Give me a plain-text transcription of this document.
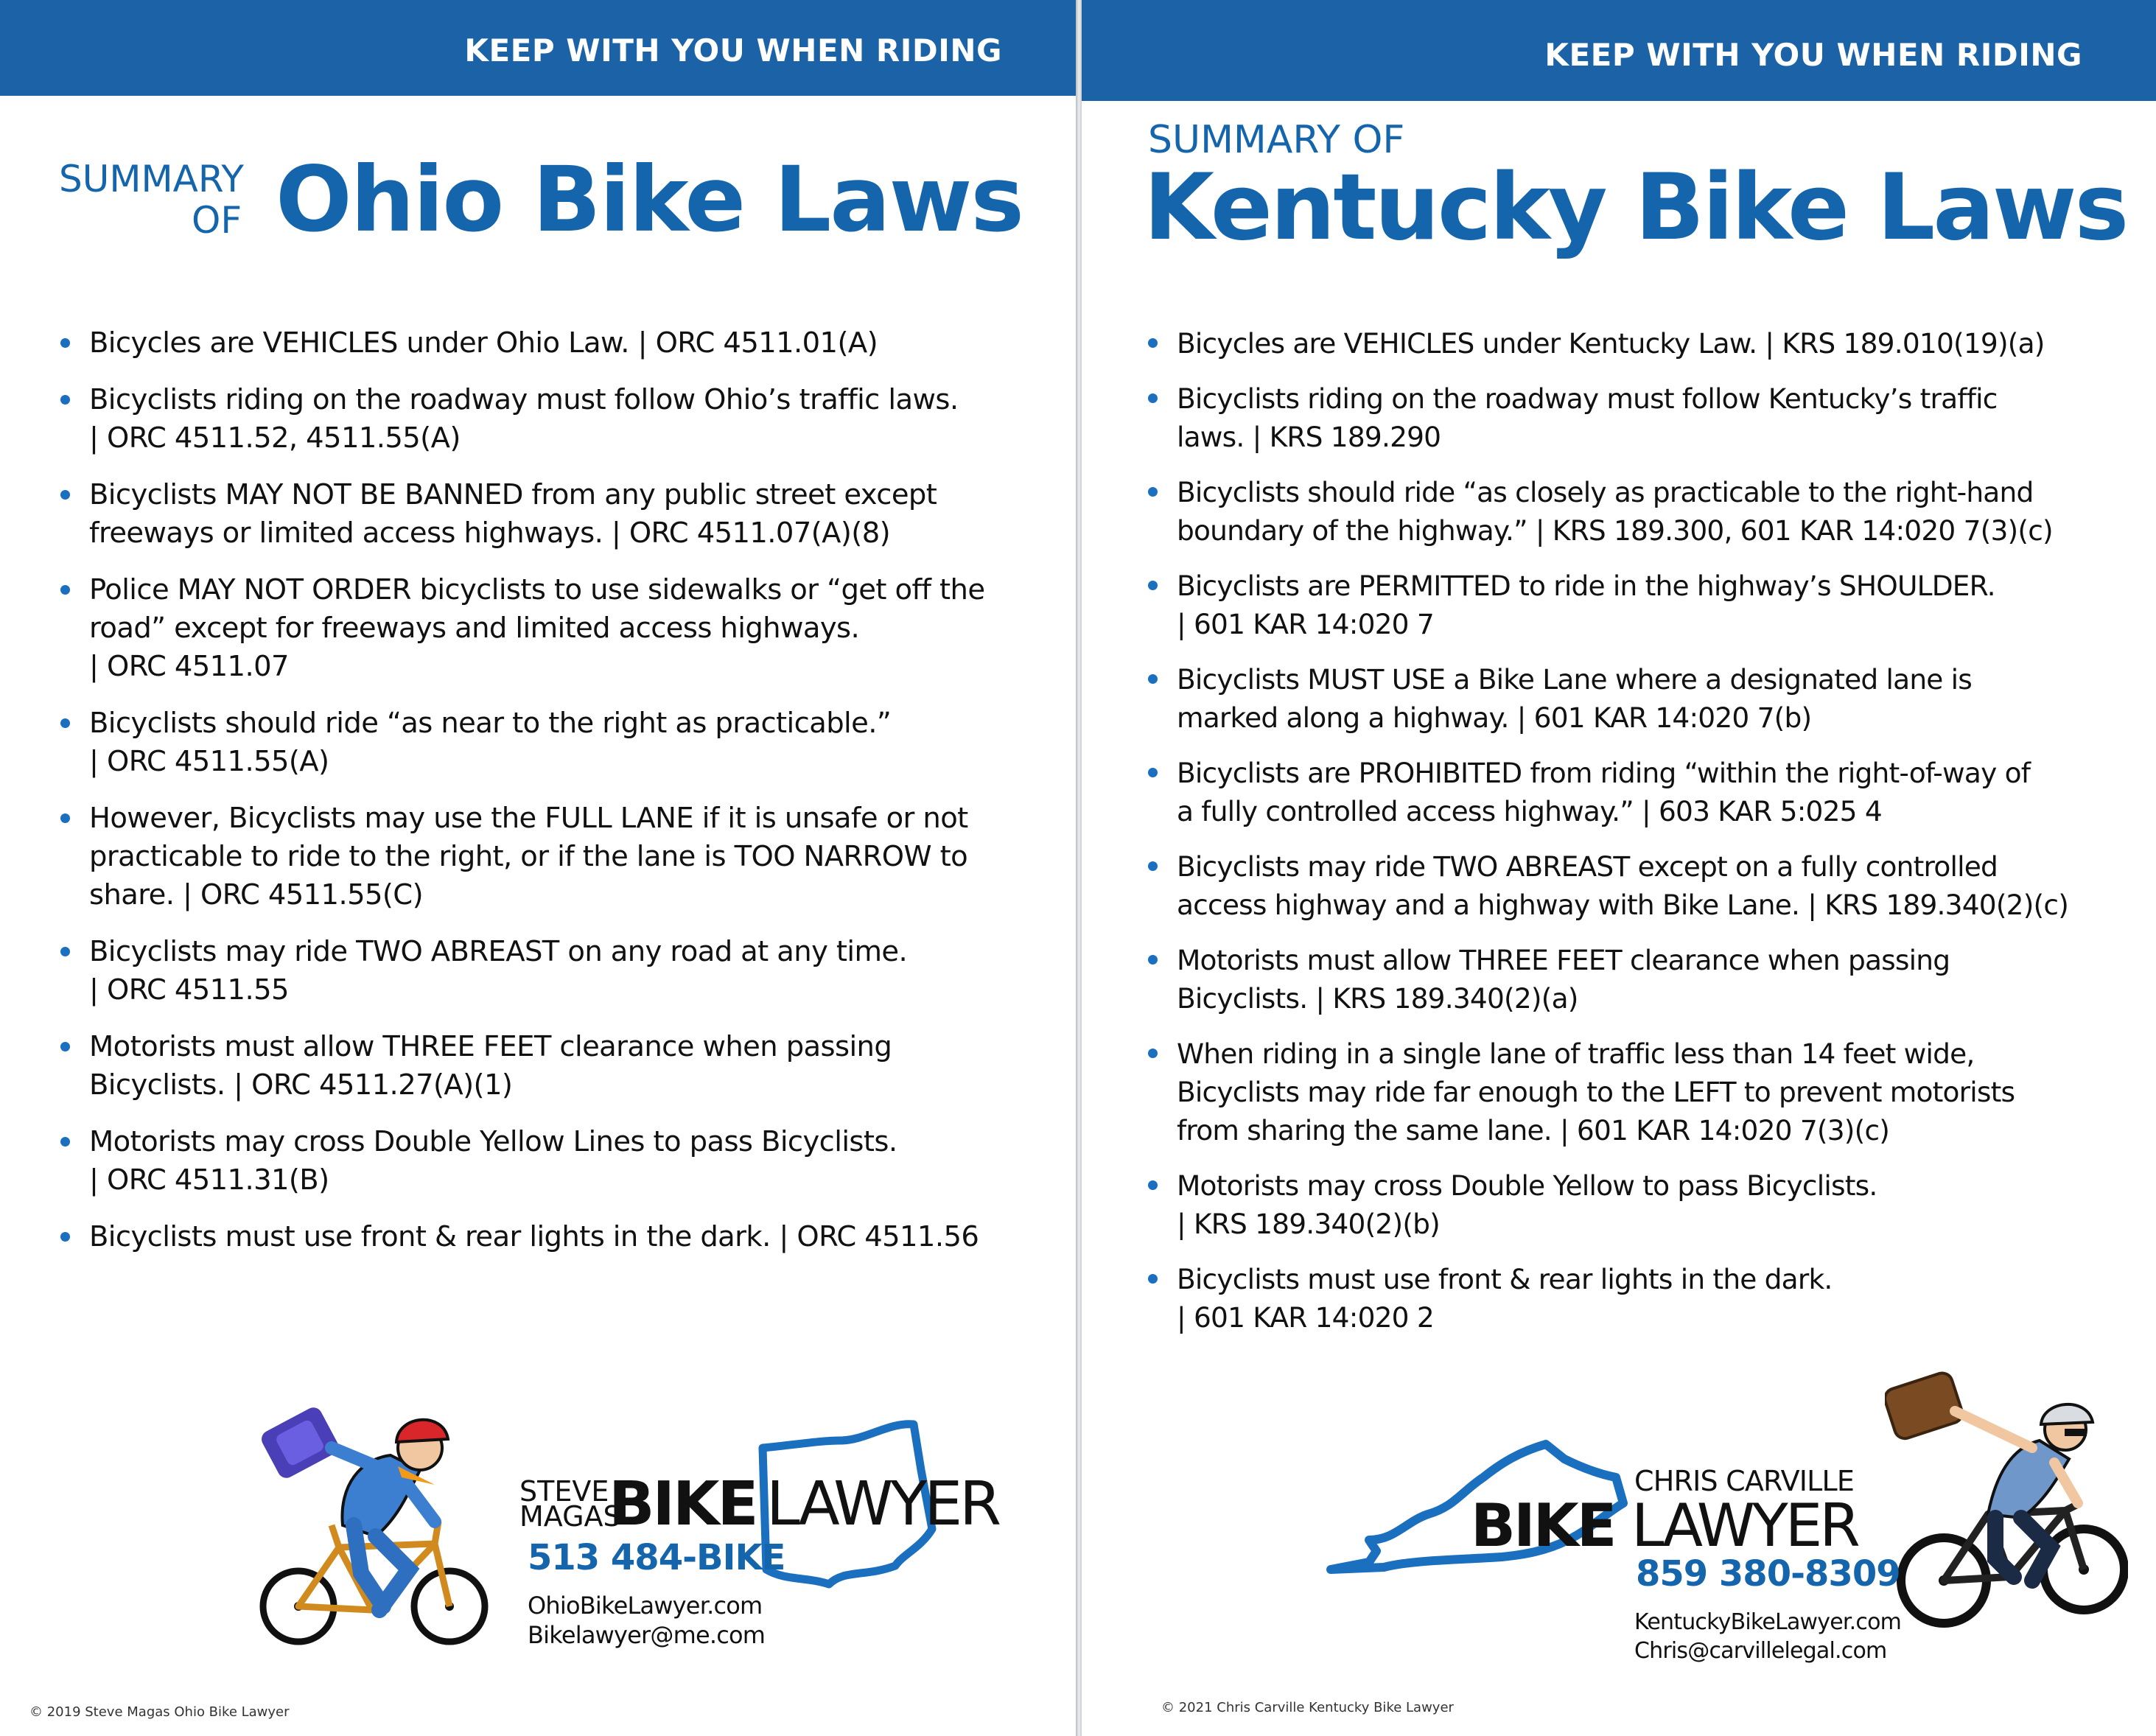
KEEP WITH YOU WHEN RIDING
SUMMARY
OF Ohio Bike Laws
Bicycles are VEHICLES under Ohio Law. | ORC 4511.01(A)
Bicyclists riding on the roadway must follow Ohio’s traffic laws.
| ORC 4511.52, 4511.55(A)
Bicyclists MAY NOT BE BANNED from any public street except
freeways or limited access highways. | ORC 4511.07(A)(8)
Police MAY NOT ORDER bicyclists to use sidewalks or “get off the
road” except for freeways and limited access highways.
| ORC 4511.07
Bicyclists should ride “as near to the right as practicable.”
| ORC 4511.55(A)
However, Bicyclists may use the FULL LANE if it is unsafe or not
practicable to ride to the right, or if the lane is TOO NARROW to
share. | ORC 4511.55(C)
Bicyclists may ride TWO ABREAST on any road at any time.
| ORC 4511.55
Motorists must allow THREE FEET clearance when passing
Bicyclists. | ORC 4511.27(A)(1)
Motorists may cross Double Yellow Lines to pass Bicyclists.
| ORC 4511.31(B)
Bicyclists must use front & rear lights in the dark. | ORC 4511.56
STEVE
MAGAS
BIKE LAWYER
513 484-BIKE
OhioBikeLawyer.com
Bikelawyer@me.com
© 2019 Steve Magas Ohio Bike Lawyer
KEEP WITH YOU WHEN RIDING
SUMMARY OF
Kentucky Bike Laws
Bicycles are VEHICLES under Kentucky Law. | KRS 189.010(19)(a)
Bicyclists riding on the roadway must follow Kentucky’s traffic
laws. | KRS 189.290
Bicyclists should ride “as closely as practicable to the right-hand
boundary of the highway.” | KRS 189.300, 601 KAR 14:020 7(3)(c)
Bicyclists are PERMITTED to ride in the highway’s SHOULDER.
| 601 KAR 14:020 7
Bicyclists MUST USE a Bike Lane where a designated lane is
marked along a highway. | 601 KAR 14:020 7(b)
Bicyclists are PROHIBITED from riding “within the right-of-way of
a fully controlled access highway.” | 603 KAR 5:025 4
Bicyclists may ride TWO ABREAST except on a fully controlled
access highway and a highway with Bike Lane. | KRS 189.340(2)(c)
Motorists must allow THREE FEET clearance when passing
Bicyclists. | KRS 189.340(2)(a)
When riding in a single lane of traffic less than 14 feet wide,
Bicyclists may ride far enough to the LEFT to prevent motorists
from sharing the same lane. | 601 KAR 14:020 7(3)(c)
Motorists may cross Double Yellow to pass Bicyclists.
| KRS 189.340(2)(b)
Bicyclists must use front & rear lights in the dark.
| 601 KAR 14:020 2
CHRIS CARVILLE
BIKE LAWYER
859 380-8309
KentuckyBikeLawyer.com
Chris@carvillelegal.com
© 2021 Chris Carville Kentucky Bike Lawyer
